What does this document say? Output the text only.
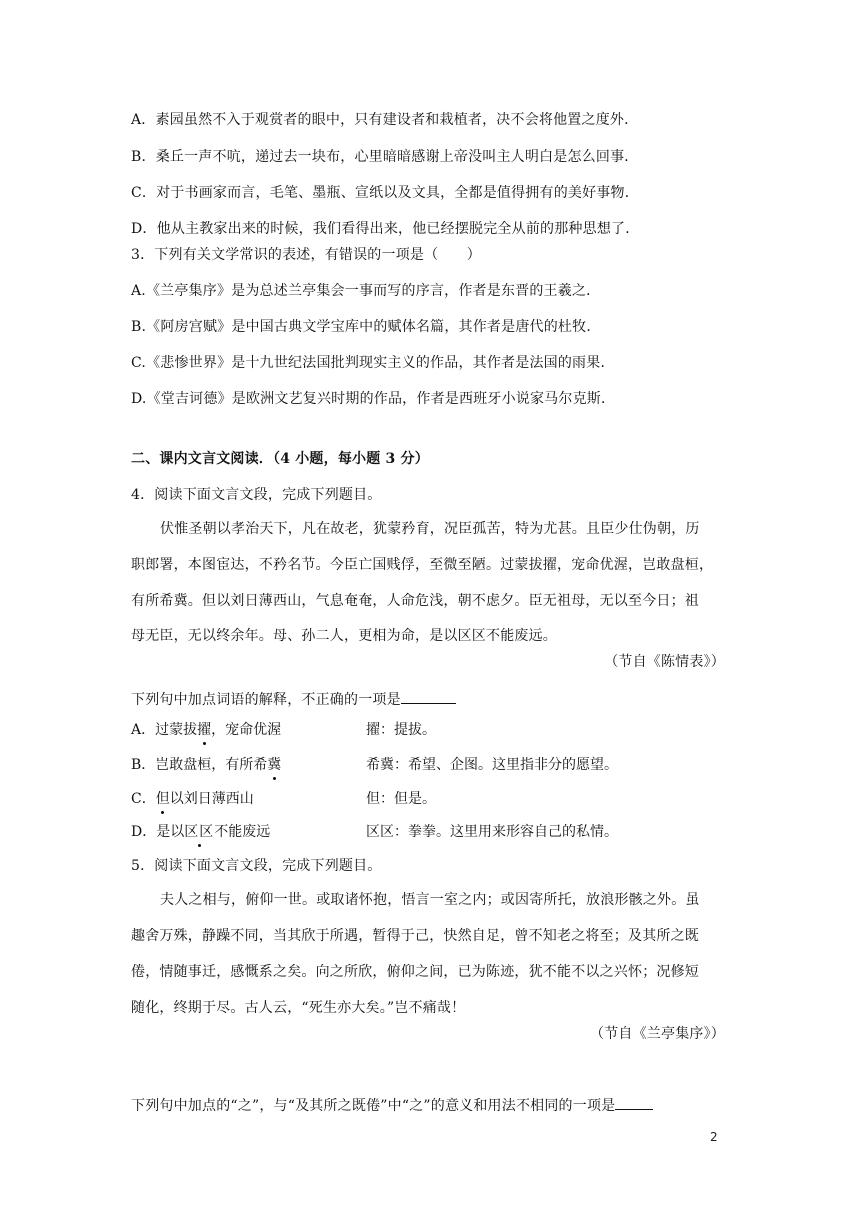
A．素园虽然不入于观赏者的眼中，只有建设者和栽植者，决不会将他置之度外．
B．桑丘一声不吭，递过去一块布，心里暗暗感谢上帝没叫主人明白是怎么回事．
C．对于书画家而言，毛笔、墨瓶、宣纸以及文具，全都是值得拥有的美好事物．
D．他从主教家出来的时候，我们看得出来，他已经摆脱完全从前的那种思想了．
3．下列有关文学常识的表述，有错误的一项是（　　）
A.《兰亭集序》是为总述兰亭集会一事而写的序言，作者是东晋的王羲之．
B.《阿房宫赋》是中国古典文学宝库中的赋体名篇，其作者是唐代的杜牧．
C.《悲惨世界》是十九世纪法国批判现实主义的作品，其作者是法国的雨果．
D.《堂吉诃德》是欧洲文艺复兴时期的作品，作者是西班牙小说家马尔克斯．
二、课内文言文阅读．（4 小题，每小题 3 分）
4．阅读下面文言文段，完成下列题目。
伏惟圣朝以孝治天下，凡在故老，犹蒙矜育，况臣孤苦，特为尤甚。且臣少仕伪朝，历
职郎署，本图宦达，不矜名节。今臣亡国贱俘，至微至陋。过蒙拔擢，宠命优渥，岂敢盘桓，
有所希冀。但以刘日薄西山，气息奄奄，人命危浅，朝不虑夕。臣无祖母，无以至今日；祖
母无臣，无以终余年。母、孙二人，更相为命，是以区区不能废远。
（节自《陈情表》）
下列句中加点词语的解释，不正确的一项是
A．过蒙拔擢，宠命优渥	擢：提拔。
B．岂敢盘桓，有所希冀	希冀：希望、企图。这里指非分的愿望。
C．但以刘日薄西山	但：但是。
D．是以区区不能废远	区区：拳拳。这里用来形容自己的私情。
5．阅读下面文言文段，完成下列题目。
夫人之相与，俯仰一世。或取诸怀抱，悟言一室之内；或因寄所托，放浪形骸之外。虽
趣舍万殊，静躁不同，当其欣于所遇，暂得于己，快然自足，曾不知老之将至；及其所之既
倦，情随事迁，感慨系之矣。向之所欣，俯仰之间，已为陈迹，犹不能不以之兴怀；况修短
随化，终期于尽。古人云，“死生亦大矣。”岂不痛哉！
（节自《兰亭集序》）
下列句中加点的“之”，与“及其所之既倦”中“之”的意义和用法不相同的一项是
2
